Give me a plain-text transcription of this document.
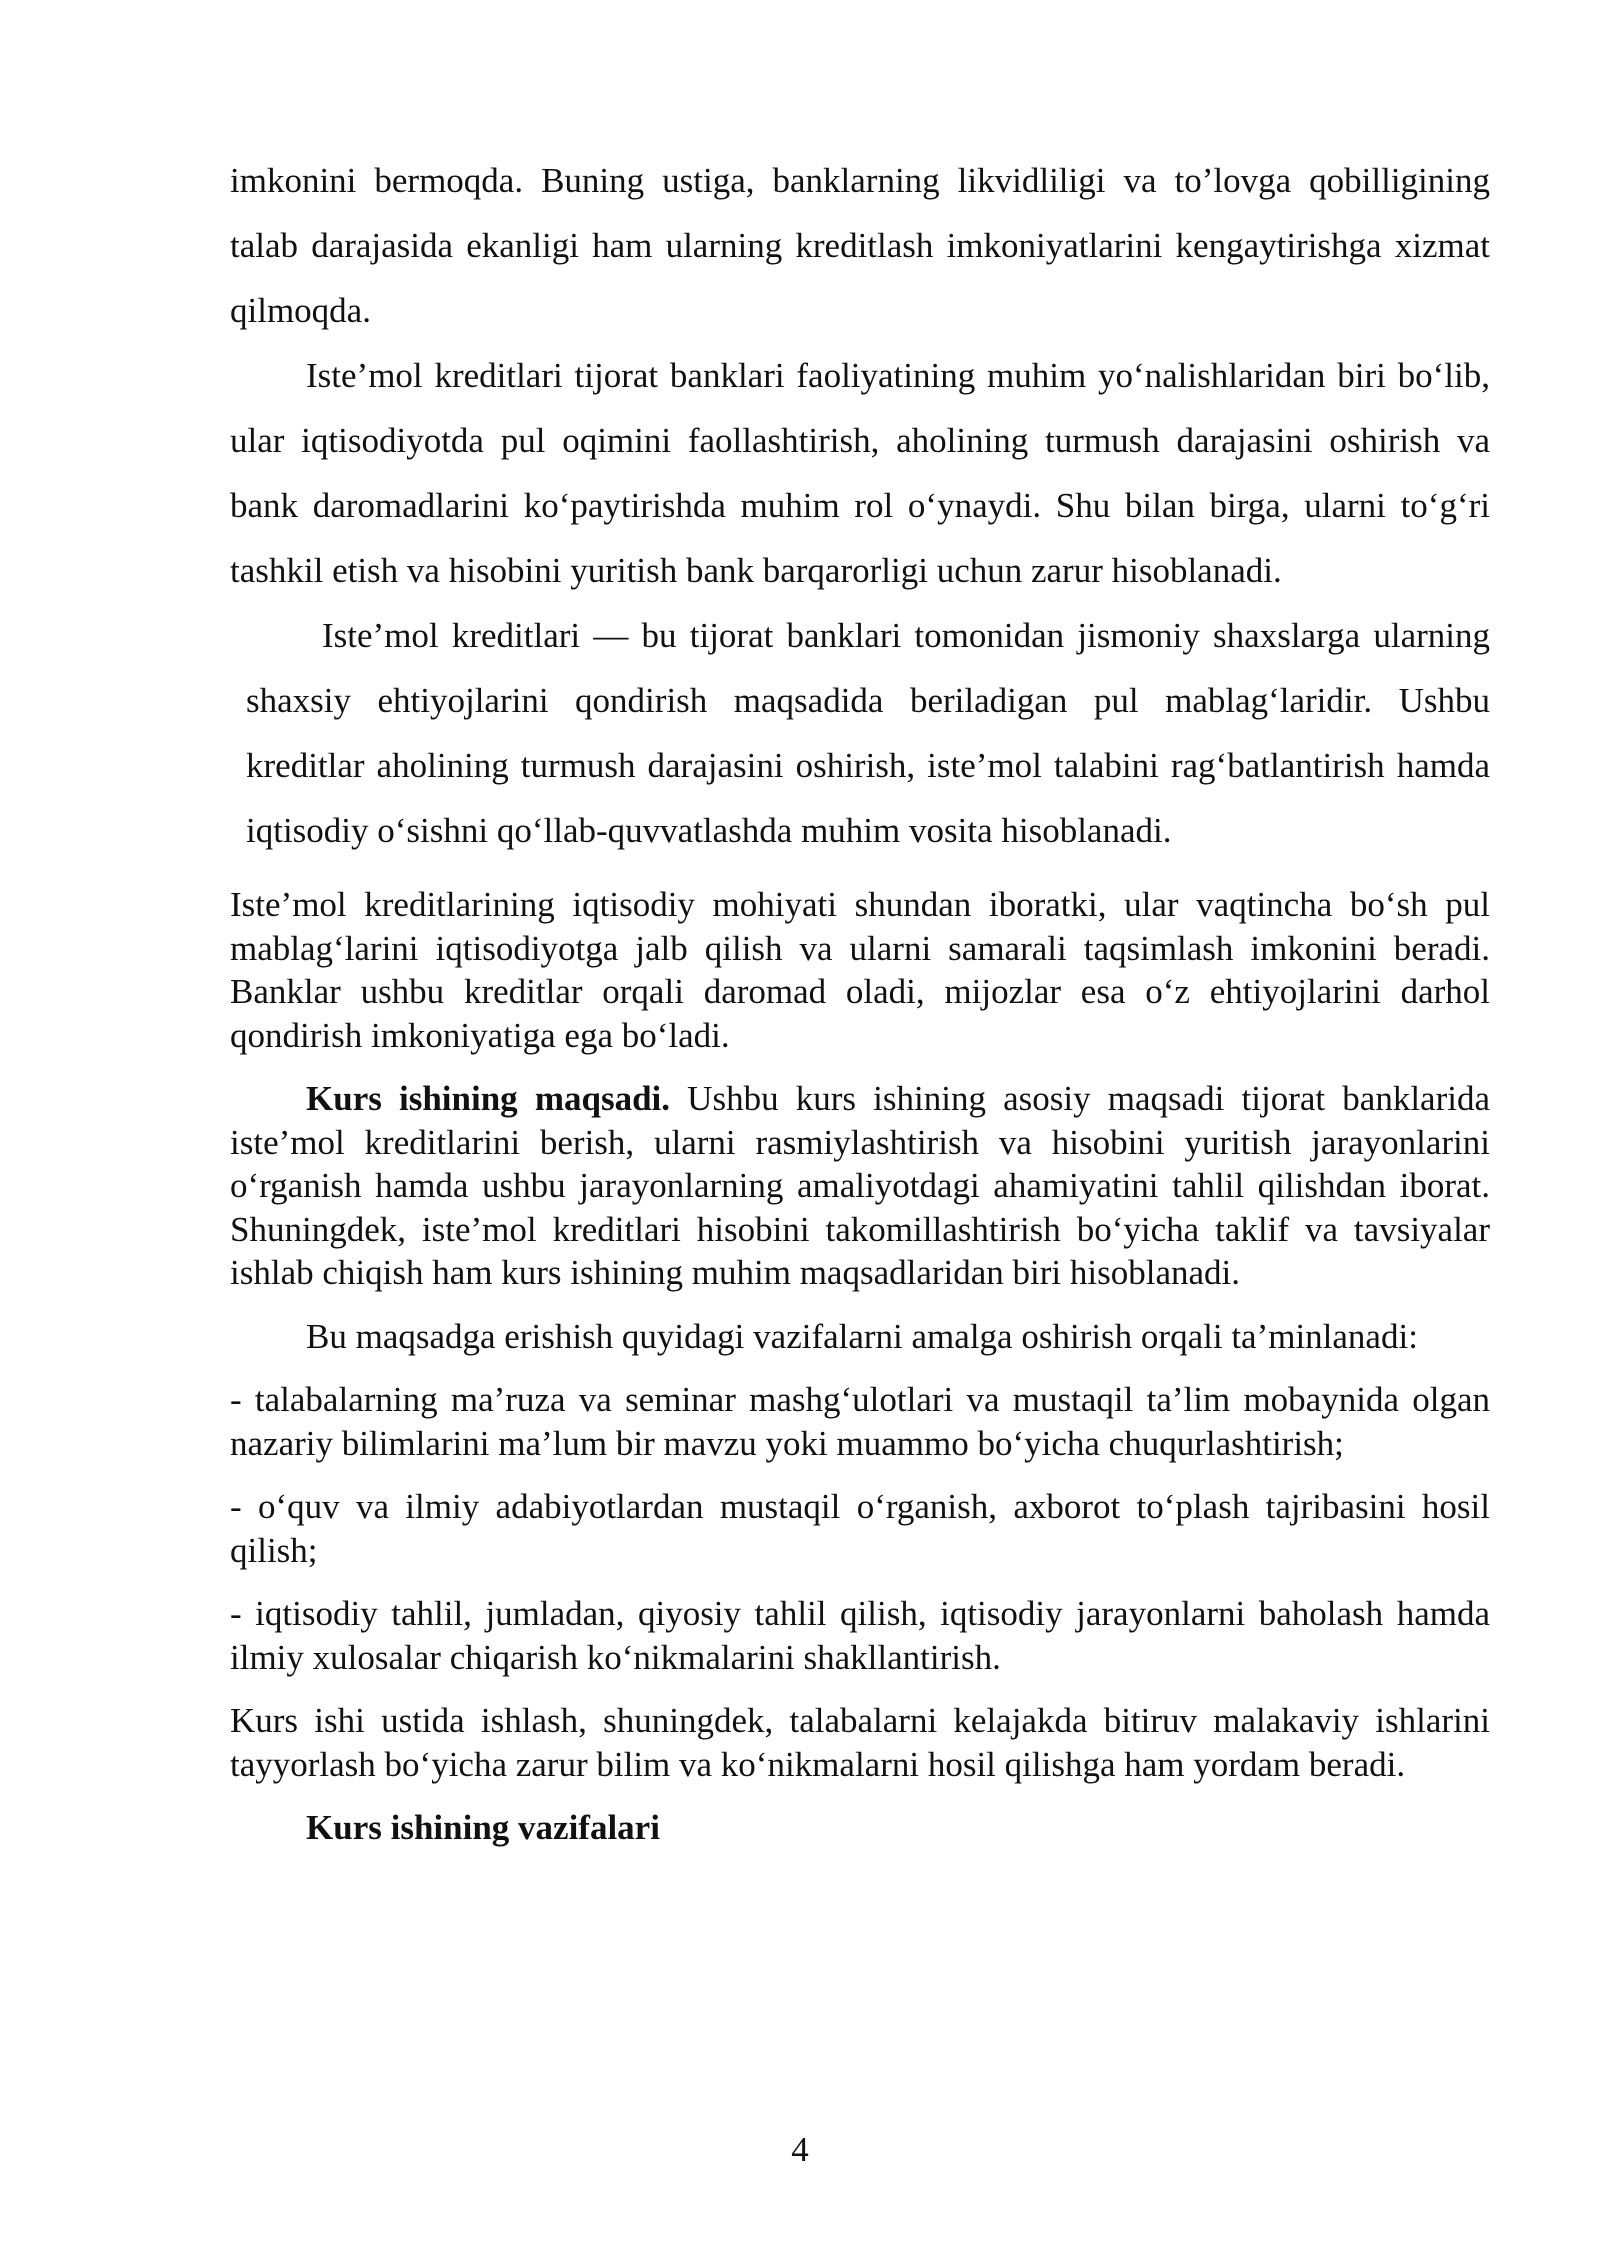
imkonini bermoqda. Buning ustiga, banklarning likvidliligi va to’lovga qobilligining talab darajasida ekanligi ham ularning kreditlash imkoniyatlarini kengaytirishga xizmat qilmoqda.

Iste’mol kreditlari tijorat banklari faoliyatining muhim yo‘nalishlaridan biri bo‘lib, ular iqtisodiyotda pul oqimini faollashtirish, aholining turmush darajasini oshirish va bank daromadlarini ko‘paytirishda muhim rol o‘ynaydi. Shu bilan birga, ularni to‘g‘ri tashkil etish va hisobini yuritish bank barqarorligi uchun zarur hisoblanadi.

Iste’mol kreditlari — bu tijorat banklari tomonidan jismoniy shaxslarga ularning shaxsiy ehtiyojlarini qondirish maqsadida beriladigan pul mablag‘laridir. Ushbu kreditlar aholining turmush darajasini oshirish, iste’mol talabini rag‘batlantirish hamda iqtisodiy o‘sishni qo‘llab-quvvatlashda muhim vosita hisoblanadi.

Iste’mol kreditlarining iqtisodiy mohiyati shundan iboratki, ular vaqtincha bo‘sh pul mablag‘larini iqtisodiyotga jalb qilish va ularni samarali taqsimlash imkonini beradi. Banklar ushbu kreditlar orqali daromad oladi, mijozlar esa o‘z ehtiyojlarini darhol qondirish imkoniyatiga ega bo‘ladi.

Kurs ishining maqsadi. Ushbu kurs ishining asosiy maqsadi tijorat banklarida iste’mol kreditlarini berish, ularni rasmiylashtirish va hisobini yuritish jarayonlarini o‘rganish hamda ushbu jarayonlarning amaliyotdagi ahamiyatini tahlil qilishdan iborat. Shuningdek, iste’mol kreditlari hisobini takomillashtirish bo‘yicha taklif va tavsiyalar ishlab chiqish ham kurs ishining muhim maqsadlaridan biri hisoblanadi.

Bu maqsadga erishish quyidagi vazifalarni amalga oshirish orqali ta’minlanadi:

- talabalarning ma’ruza va seminar mashg‘ulotlari va mustaqil ta’lim mobaynida olgan nazariy bilimlarini ma’lum bir mavzu yoki muammo bo‘yicha chuqurlashtirish;

- o‘quv va ilmiy adabiyotlardan mustaqil o‘rganish, axborot to‘plash tajribasini hosil qilish;

- iqtisodiy tahlil, jumladan, qiyosiy tahlil qilish, iqtisodiy jarayonlarni baholash hamda ilmiy xulosalar chiqarish ko‘nikmalarini shakllantirish.

Kurs ishi ustida ishlash, shuningdek, talabalarni kelajakda bitiruv malakaviy ishlarini tayyorlash bo‘yicha zarur bilim va ko‘nikmalarni hosil qilishga ham yordam beradi.

Kurs ishining vazifalari

4
